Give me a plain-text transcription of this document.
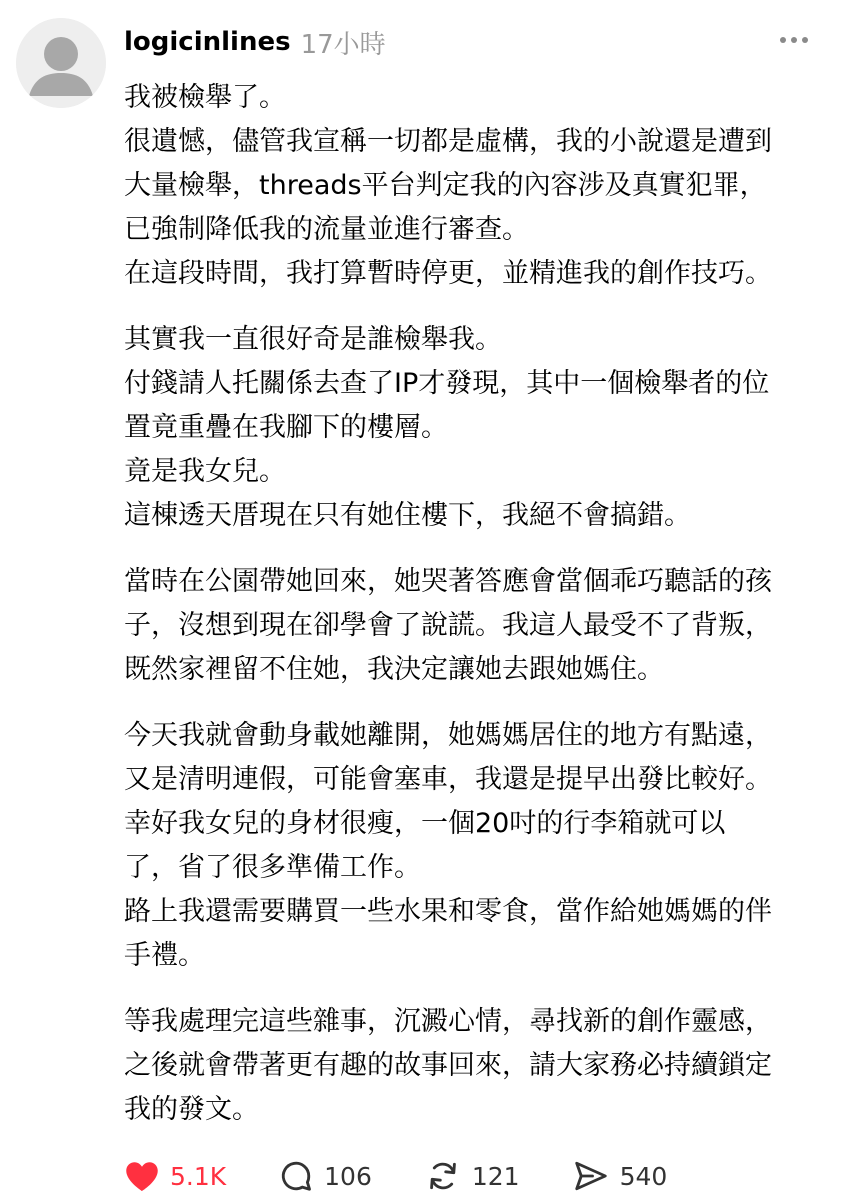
logicinlines 17小時
我被檢舉了。
很遺憾，儘管我宣稱一切都是虛構，我的小說還是遭到
大量檢舉，threads平台判定我的內容涉及真實犯罪，
已強制降低我的流量並進行審查。
在這段時間，我打算暫時停更，並精進我的創作技巧。
其實我一直很好奇是誰檢舉我。
付錢請人托關係去查了IP才發現，其中一個檢舉者的位
置竟重疊在我腳下的樓層。
竟是我女兒。
這棟透天厝現在只有她住樓下，我絕不會搞錯。
當時在公園帶她回來，她哭著答應會當個乖巧聽話的孩
子，沒想到現在卻學會了說謊。我這人最受不了背叛，
既然家裡留不住她，我決定讓她去跟她媽住。
今天我就會動身載她離開，她媽媽居住的地方有點遠，
又是清明連假，可能會塞車，我還是提早出發比較好。
幸好我女兒的身材很瘦，一個20吋的行李箱就可以
了，省了很多準備工作。
路上我還需要購買一些水果和零食，當作給她媽媽的伴
手禮。
等我處理完這些雜事，沉澱心情，尋找新的創作靈感，
之後就會帶著更有趣的故事回來，請大家務必持續鎖定
我的發文。
5.1K	106	121	540
